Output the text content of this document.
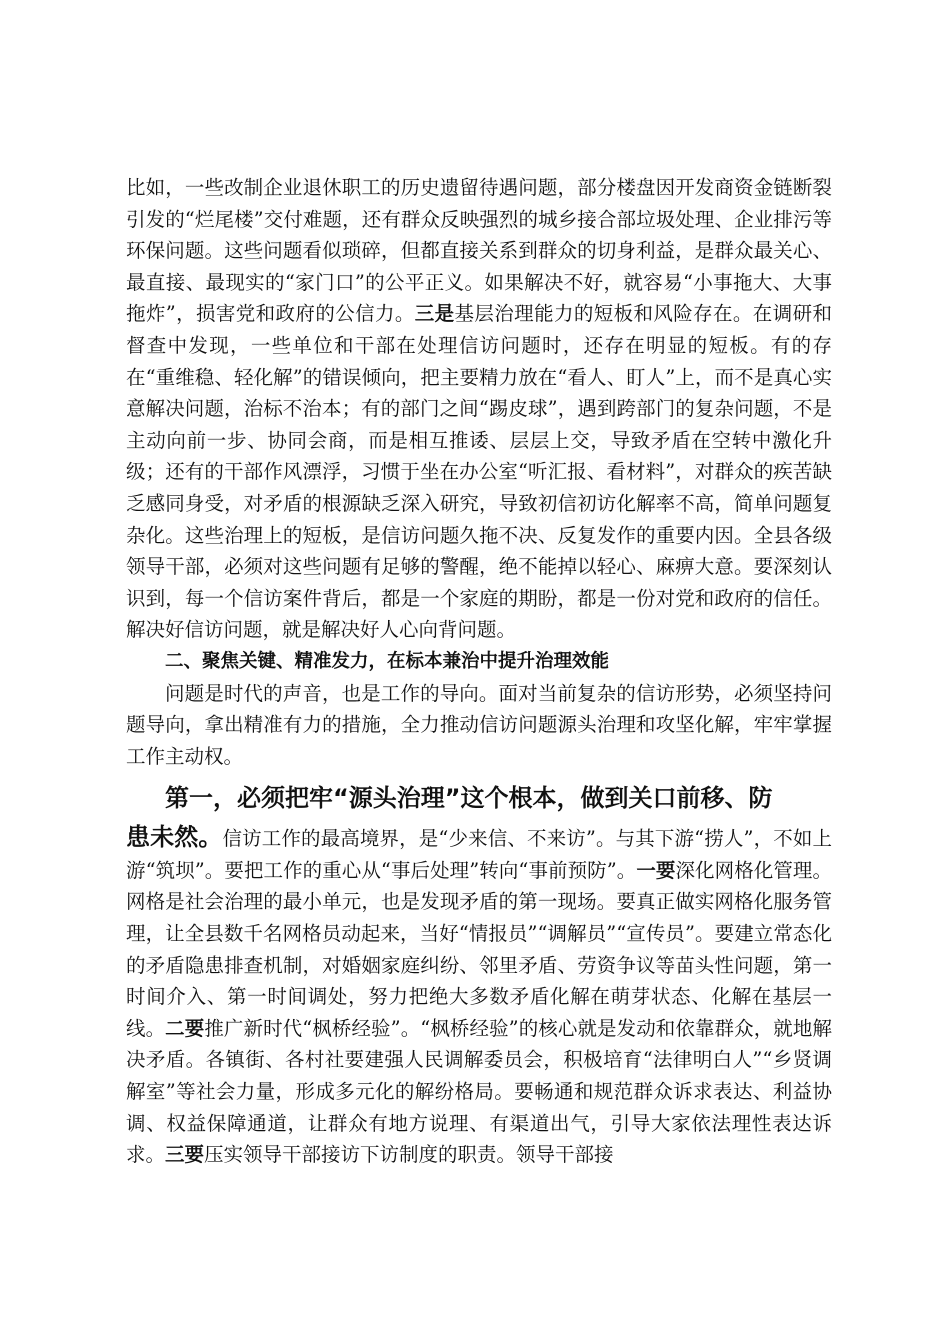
比如，一些改制企业退休职工的历史遗留待遇问题，部分楼盘因开发商资金链断裂引发的“烂尾楼”交付难题，还有群众反映强烈的城乡接合部垃圾处理、企业排污等环保问题。这些问题看似琐碎，但都直接关系到群众的切身利益，是群众最关心、最直接、最现实的“家门口”的公平正义。如果解决不好，就容易“小事拖大、大事拖炸”，损害党和政府的公信力。三是基层治理能力的短板和风险存在。在调研和督查中发现，一些单位和干部在处理信访问题时，还存在明显的短板。有的存在“重维稳、轻化解”的错误倾向，把主要精力放在“看人、盯人”上，而不是真心实意解决问题，治标不治本；有的部门之间“踢皮球”，遇到跨部门的复杂问题，不是主动向前一步、协同会商，而是相互推诿、层层上交，导致矛盾在空转中激化升级；还有的干部作风漂浮，习惯于坐在办公室“听汇报、看材料”，对群众的疾苦缺乏感同身受，对矛盾的根源缺乏深入研究，导致初信初访化解率不高，简单问题复杂化。这些治理上的短板，是信访问题久拖不决、反复发作的重要内因。全县各级领导干部，必须对这些问题有足够的警醒，绝不能掉以轻心、麻痹大意。要深刻认识到，每一个信访案件背后，都是一个家庭的期盼，都是一份对党和政府的信任。解决好信访问题，就是解决好人心向背问题。

二、聚焦关键、精准发力，在标本兼治中提升治理效能

问题是时代的声音，也是工作的导向。面对当前复杂的信访形势，必须坚持问题导向，拿出精准有力的措施，全力推动信访问题源头治理和攻坚化解，牢牢掌握工作主动权。

第一，必须把牢“源头治理”这个根本，做到关口前移、防
患未然。信访工作的最高境界，是“少来信、不来访”。与其下游“捞人”，不如上游“筑坝”。要把工作的重心从“事后处理”转向“事前预防”。一要深化网格化管理。网格是社会治理的最小单元，也是发现矛盾的第一现场。要真正做实网格化服务管理，让全县数千名网格员动起来，当好“情报员”“调解员”“宣传员”。要建立常态化的矛盾隐患排查机制，对婚姻家庭纠纷、邻里矛盾、劳资争议等苗头性问题，第一时间介入、第一时间调处，努力把绝大多数矛盾化解在萌芽状态、化解在基层一线。二要推广新时代“枫桥经验”。“枫桥经验”的核心就是发动和依靠群众，就地解决矛盾。各镇街、各村社要建强人民调解委员会，积极培育“法律明白人”“乡贤调解室”等社会力量，形成多元化的解纷格局。要畅通和规范群众诉求表达、利益协调、权益保障通道，让群众有地方说理、有渠道出气，引导大家依法理性表达诉求。三要压实领导干部接访下访制度的职责。领导干部接
